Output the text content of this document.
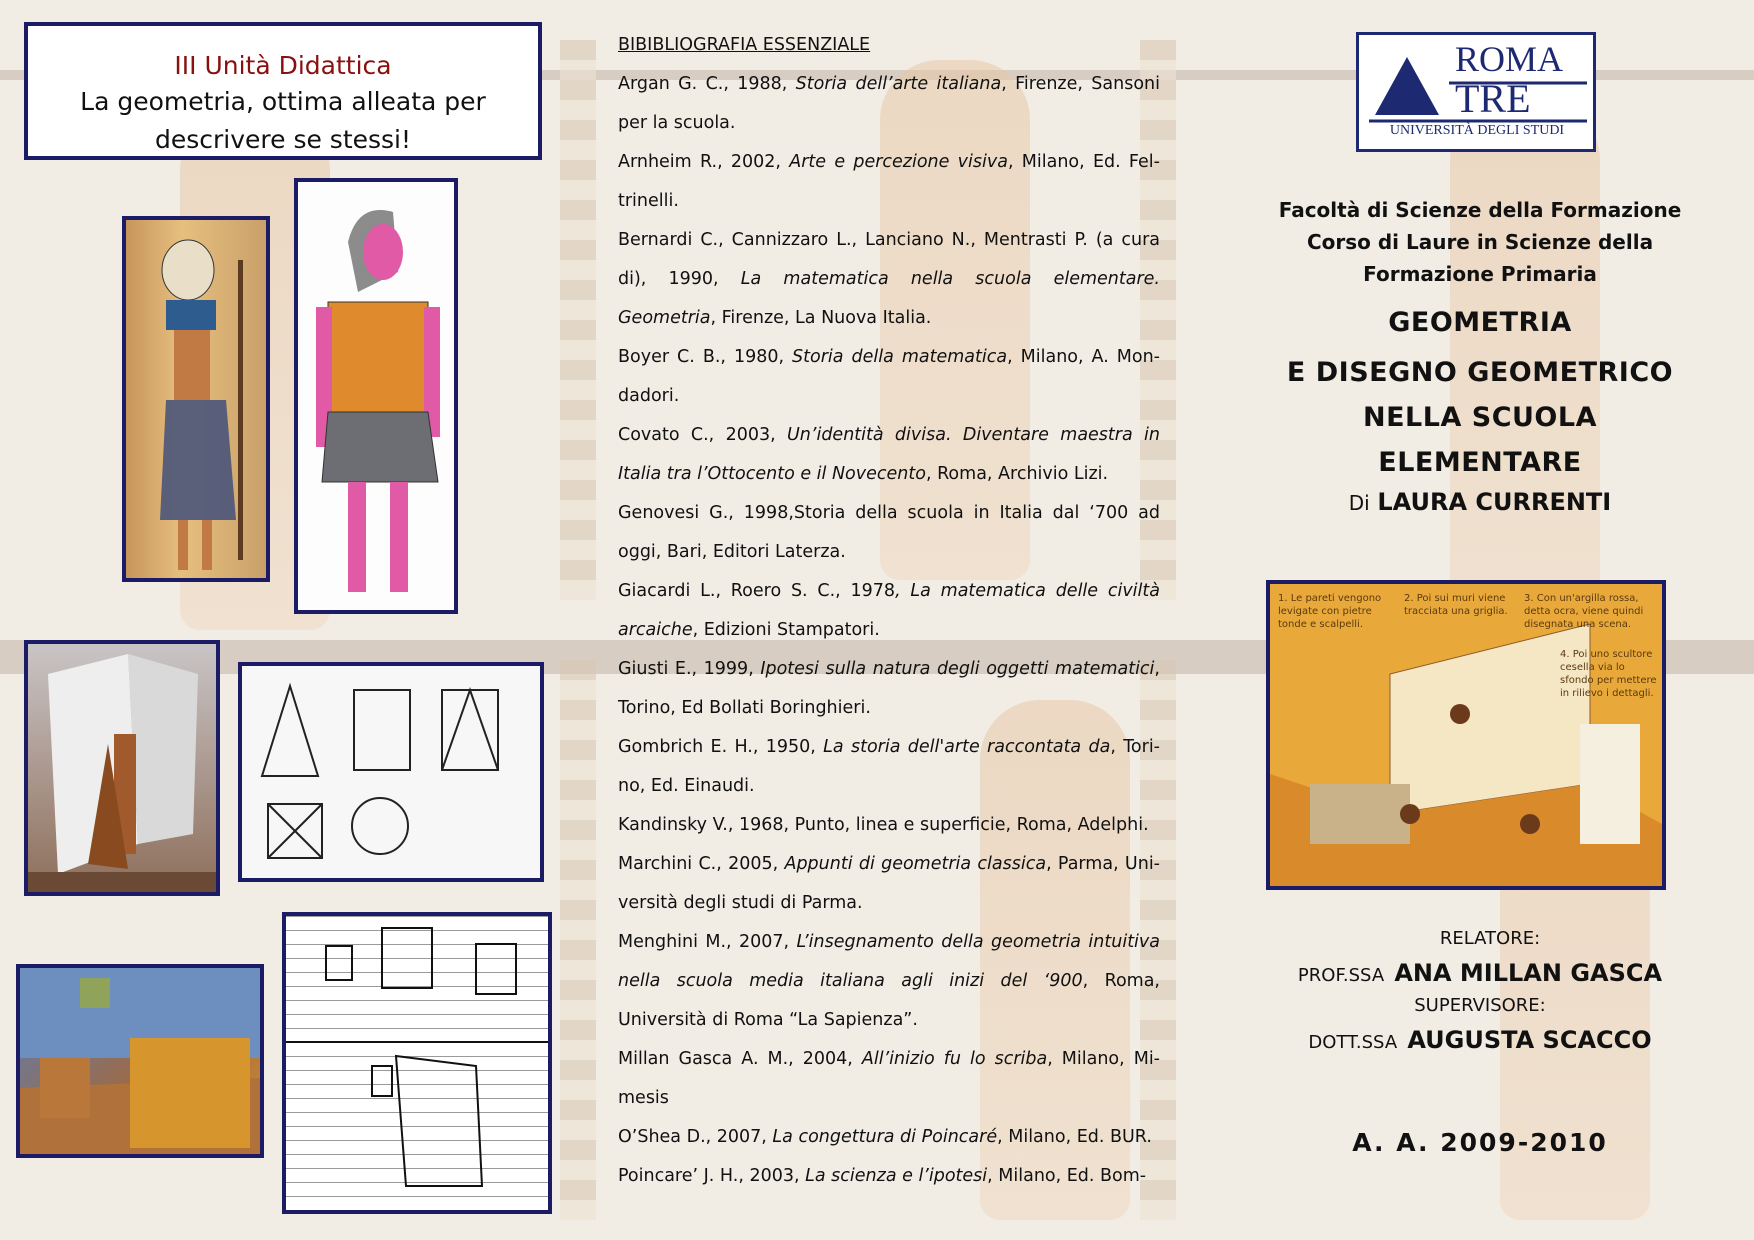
III Unità Didattica
La geometria, ottima alleata per
descrivere se stessi!

BIBIBLIOGRAFIA ESSENZIALE

Argan G. C., 1988, Storia dell’arte italiana, Firenze, Sansoni per la scuola.

Arnheim R., 2002, Arte e percezione visiva, Milano, Ed. Fel-trinelli.

Bernardi C., Cannizzaro L., Lanciano N., Mentrasti P. (a cura di), 1990, La matematica nella scuola elementare. Geometria, Firenze, La Nuova Italia.

Boyer C. B., 1980, Storia della matematica, Milano, A. Mon-dadori.

Covato C., 2003, Un’identità divisa. Diventare maestra in Italia tra l’Ottocento e il Novecento, Roma, Archivio Lizi.

Genovesi G., 1998,Storia della scuola in Italia dal ‘700 ad oggi, Bari, Editori Laterza.

Giacardi L., Roero S. C., 1978, La matematica delle civiltà arcaiche, Edizioni Stampatori.

Giusti E., 1999, Ipotesi sulla natura degli oggetti matematici, Torino, Ed Bollati Boringhieri.

Gombrich E. H., 1950, La storia dell'arte raccontata da, Tori-no, Ed. Einaudi.

Kandinsky V., 1968, Punto, linea e superficie, Roma, Adelphi.

Marchini C., 2005, Appunti di geometria classica, Parma, Uni-versità degli studi di Parma.

Menghini M., 2007, L’insegnamento della geometria intuitiva nella scuola media italiana agli inizi del ‘900, Roma, Università di Roma “La Sapienza”.

Millan Gasca A. M., 2004, All’inizio fu lo scriba, Milano, Mi-mesis

O’Shea D., 2007, La congettura di Poincaré, Milano, Ed. BUR.

Poincare’ J. H., 2003, La scienza e l’ipotesi, Milano, Ed. Bom-

ROMA
TRE
UNIVERSITÀ DEGLI STUDI
Facoltà di Scienze della Formazione
Corso di Laure in Scienze della
Formazione Primaria
GEOMETRIA
E DISEGNO GEOMETRICO
NELLA SCUOLA
ELEMENTARE
Di LAURA CURRENTI
1. Le pareti vengono levigate con pietre tonde e scalpelli.
2. Poi sui muri viene tracciata una griglia.
3. Con un'argilla rossa, detta ocra, viene quindi disegnata una scena.
4. Poi uno scultore cesella via lo sfondo per mettere in rilievo i dettagli.
RELATORE:
PROF.SSA ANA MILLAN GASCA
SUPERVISORE:
DOTT.SSA AUGUSTA SCACCO
A. A. 2009-2010
